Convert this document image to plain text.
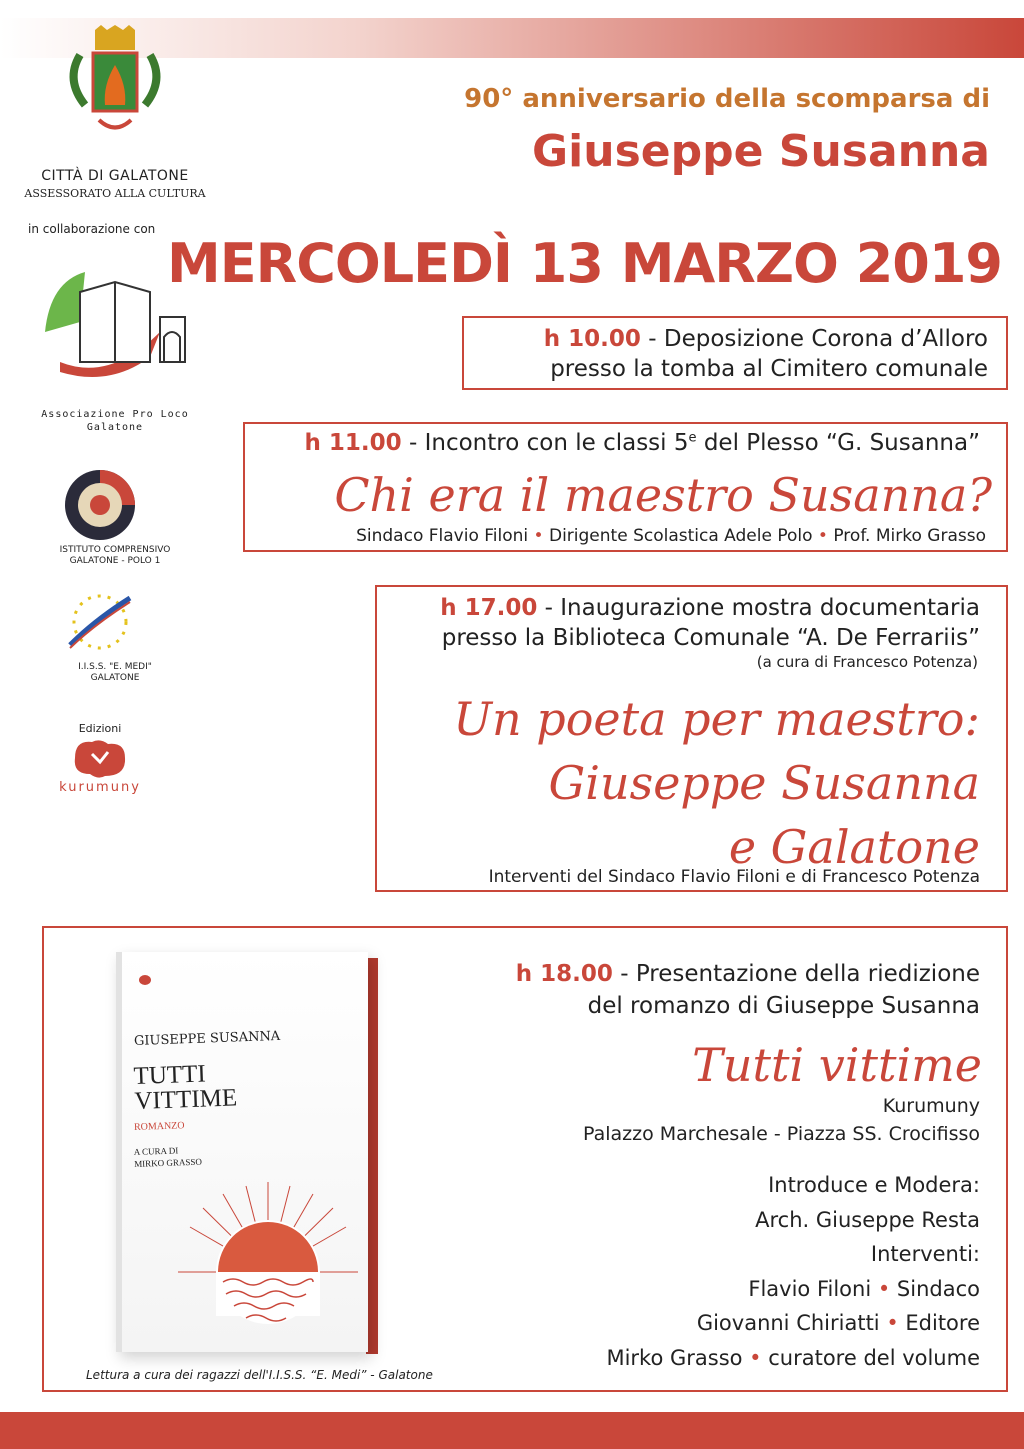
CITTÀ DI GALATONE
ASSESSORATO ALLA CULTURA
in collaborazione con
Associazione Pro Loco
Galatone
ISTITUTO COMPRENSIVO
GALATONE - POLO 1
I.I.S.S. "E. MEDI"
GALATONE
Edizioni
kurumuny
90° anniversario della scomparsa di
Giuseppe Susanna
MERCOLEDÌ 13 MARZO 2019
h 10.00 - Deposizione Corona d’Alloro
presso la tomba al Cimitero comunale
h 11.00 - Incontro con le classi 5e del Plesso “G. Susanna”
Chi era il maestro Susanna?
Sindaco Flavio Filoni • Dirigente Scolastica Adele Polo • Prof. Mirko Grasso
h 17.00 - Inaugurazione mostra documentaria
presso la Biblioteca Comunale “A. De Ferrariis”
(a cura di Francesco Potenza)
Un poeta per maestro:
Giuseppe Susanna
e Galatone
Interventi del Sindaco Flavio Filoni e di Francesco Potenza
GIUSEPPE SUSANNA
TUTTI
VITTIME
ROMANZO
A CURA DI
MIRKO GRASSO
Lettura a cura dei ragazzi dell'I.I.S.S. “E. Medi” - Galatone
h 18.00 - Presentazione della riedizione
del romanzo di Giuseppe Susanna
Tutti vittime
Kurumuny
Palazzo Marchesale - Piazza SS. Crocifisso
Introduce e Modera:
Arch. Giuseppe Resta
Interventi:
Flavio Filoni • Sindaco
Giovanni Chiriatti • Editore
Mirko Grasso • curatore del volume
